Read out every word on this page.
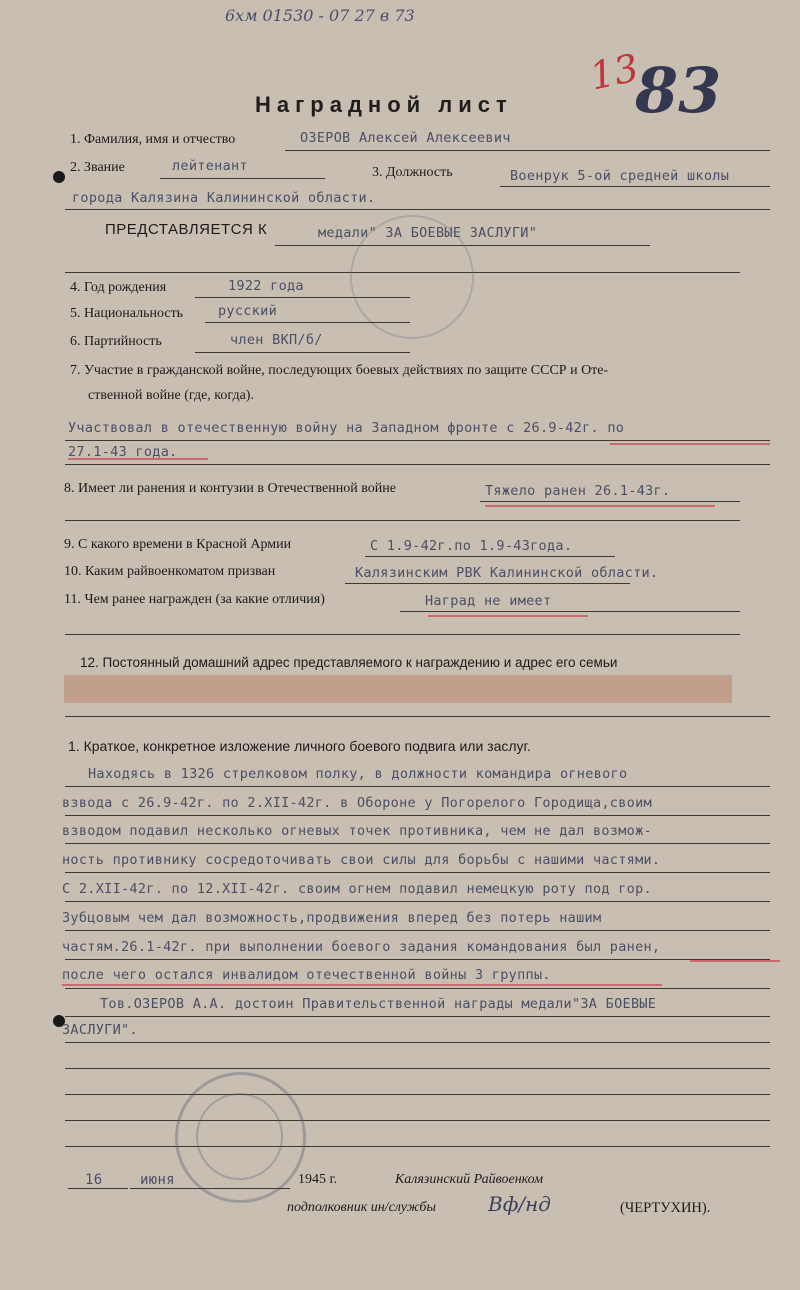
6хм 01530 - 07 27 в 73
13
83
Наградной лист
1. Фамилия, имя и отчество	ОЗЕРОВ Алексей Алексеевич
2. Звание	лейтенант	3. Должность	Военрук 5-ой средней школы
города Калязина Калининской области.
ПРЕДСТАВЛЯЕТСЯ К	медали" ЗА БОЕВЫЕ ЗАСЛУГИ"
4. Год рождения	1922 года
5. Национальность	русский
6. Партийность	член ВКП/б/
7. Участие в гражданской войне, последующих боевых действиях по защите СССР и Оте-
ственной войне (где, когда).
Участвовал в отечественную войну на Западном фронте с 26.9-42г. по
27.1-43 года.
8. Имеет ли ранения и контузии в Отечественной войне	Тяжело ранен 26.1-43г.
9. С какого времени в Красной Армии	С 1.9-42г.по 1.9-43года.
10. Каким райвоенкоматом призван	Калязинским РВК Калининской области.
11. Чем ранее награжден (за какие отличия)	Наград не имеет
12. Постоянный домашний адрес представляемого к награждению и адрес его семьи
1. Краткое, конкретное изложение личного боевого подвига или заслуг.
Находясь в 1326 стрелковом полку, в должности командира огневого
взвода с 26.9-42г. по 2.XII-42г. в Обороне у Погорелого Городища,своим
взводом подавил несколько огневых точек противника, чем не дал возмож-
ность противнику сосредоточивать свои силы для борьбы с нашими частями.
С 2.XII-42г. по 12.XII-42г. своим огнем подавил немецкую роту под гор.
Зубцовым чем дал возможность,продвижения вперед без потерь нашим
частям.26.1-42г. при выполнении боевого задания командования был ранен,
после чего остался инвалидом отечественной войны 3 группы.
Тов.ОЗЕРОВ А.А. достоин Правительственной награды медали"ЗА БОЕВЫЕ
ЗАСЛУГИ".
16	июня	1945 г.	Калязинский Райвоенком
подполковник ин/службы	Вф/нд	(ЧЕРТУХИН).
